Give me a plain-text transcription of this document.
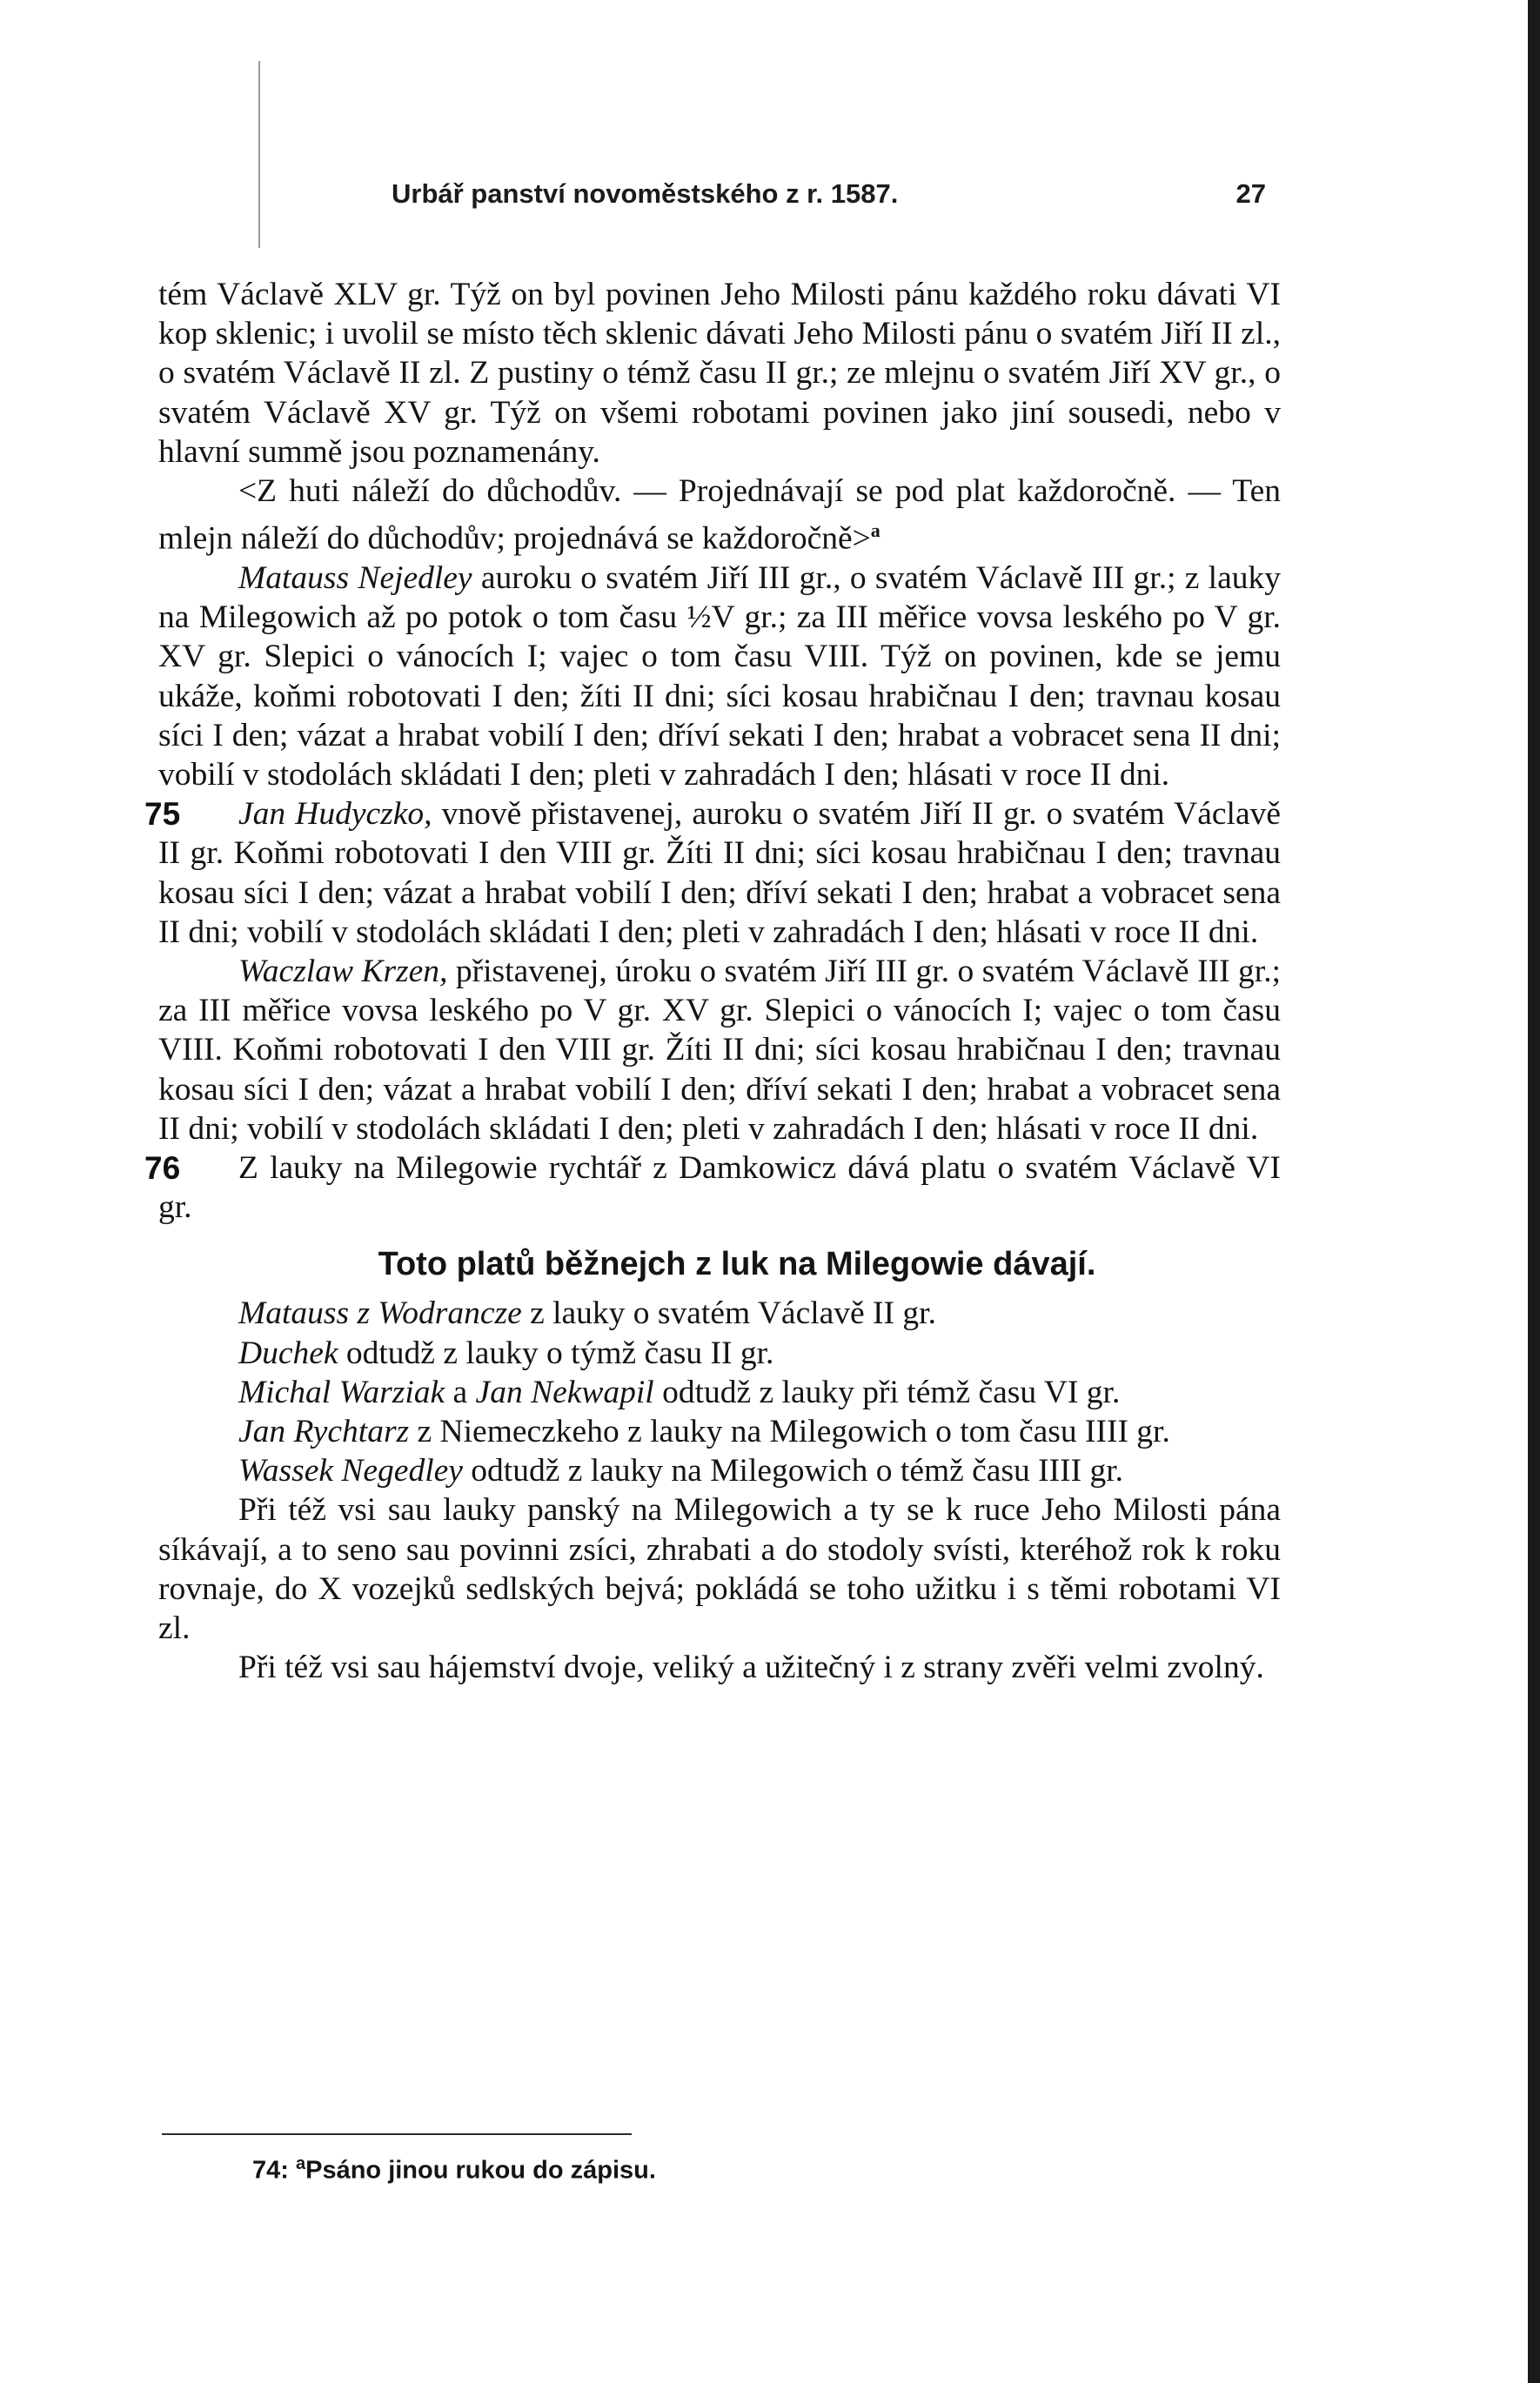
Urbář panství novoměstského z r. 1587.	27

tém Václavě XLV gr. Týž on byl povinen Jeho Milosti pánu každého roku dávati VI kop sklenic; i uvolil se místo těch sklenic dávati Jeho Milosti pánu o svatém Jiří II zl., o svatém Václavě II zl. Z pustiny o témž času II gr.; ze mlejnu o svatém Jiří XV gr., o svatém Václavě XV gr. Týž on všemi robotami povinen jako jiní sousedi, nebo v hlavní summě jsou poznamenány.

<Z huti náleží do důchodův. — Projednávají se pod plat každoročně. — Ten mlejn náleží do důchodův; projednává se každoročně>$^a$

Matauss Nejedley auroku o svatém Jiří III gr., o svatém Václavě III gr.; z lauky na Milegowich až po potok o tom času ½V gr.; za III měřice vovsa leského po V gr. XV gr. Slepici o vánocích I; vajec o tom času VIII. Týž on povinen, kde se jemu ukáže, koňmi robotovati I den; žíti II dni; síci kosau hrabičnau I den; travnau kosau síci I den; vázat a hrabat vobilí I den; dříví sekati I den; hrabat a vobracet sena II dni; vobilí v stodolách skládati I den; pleti v zahradách I den; hlásati v roce II dni.

75 Jan Hudyczko, vnově přistavenej, auroku o svatém Jiří II gr. o svatém Václavě II gr. Koňmi robotovati I den VIII gr. Žíti II dni; síci kosau hrabičnau I den; travnau kosau síci I den; vázat a hrabat vobilí I den; dříví sekati I den; hrabat a vobracet sena II dni; vobilí v stodolách skládati I den; pleti v zahradách I den; hlásati v roce II dni.

Waczlaw Krzen, přistavenej, úroku o svatém Jiří III gr. o svatém Václavě III gr.; za III měřice vovsa leského po V gr. XV gr. Slepici o vánocích I; vajec o tom času VIII. Koňmi robotovati I den VIII gr. Žíti II dni; síci kosau hrabičnau I den; travnau kosau síci I den; vázat a hrabat vobilí I den; dříví sekati I den; hrabat a vobracet sena II dni; vobilí v stodolách skládati I den; pleti v zahradách I den; hlásati v roce II dni.

76 Z lauky na Milegowie rychtář z Damkowicz dává platu o svatém Václavě VI gr.

Toto platů běžnejch z luk na Milegowie dávají.

Matauss z Wodrancze z lauky o svatém Václavě II gr.

Duchek odtudž z lauky o týmž času II gr.

Michal Warziak a Jan Nekwapil odtudž z lauky při témž času VI gr.

Jan Rychtarz z Niemeczkeho z lauky na Milegowich o tom času IIII gr.

Wassek Negedley odtudž z lauky na Milegowich o témž času IIII gr.

Při též vsi sau lauky panský na Milegowich a ty se k ruce Jeho Milosti pána síkávají, a to seno sau povinni zsíci, zhrabati a do stodoly svísti, kteréhož rok k roku rovnaje, do X vozejků sedlských bejvá; pokládá se toho užitku i s těmi robotami VI zl.

Při též vsi sau hájemství dvoje, veliký a užitečný i z strany zvěři velmi zvolný.

74: $^a$Psáno jinou rukou do zápisu.
